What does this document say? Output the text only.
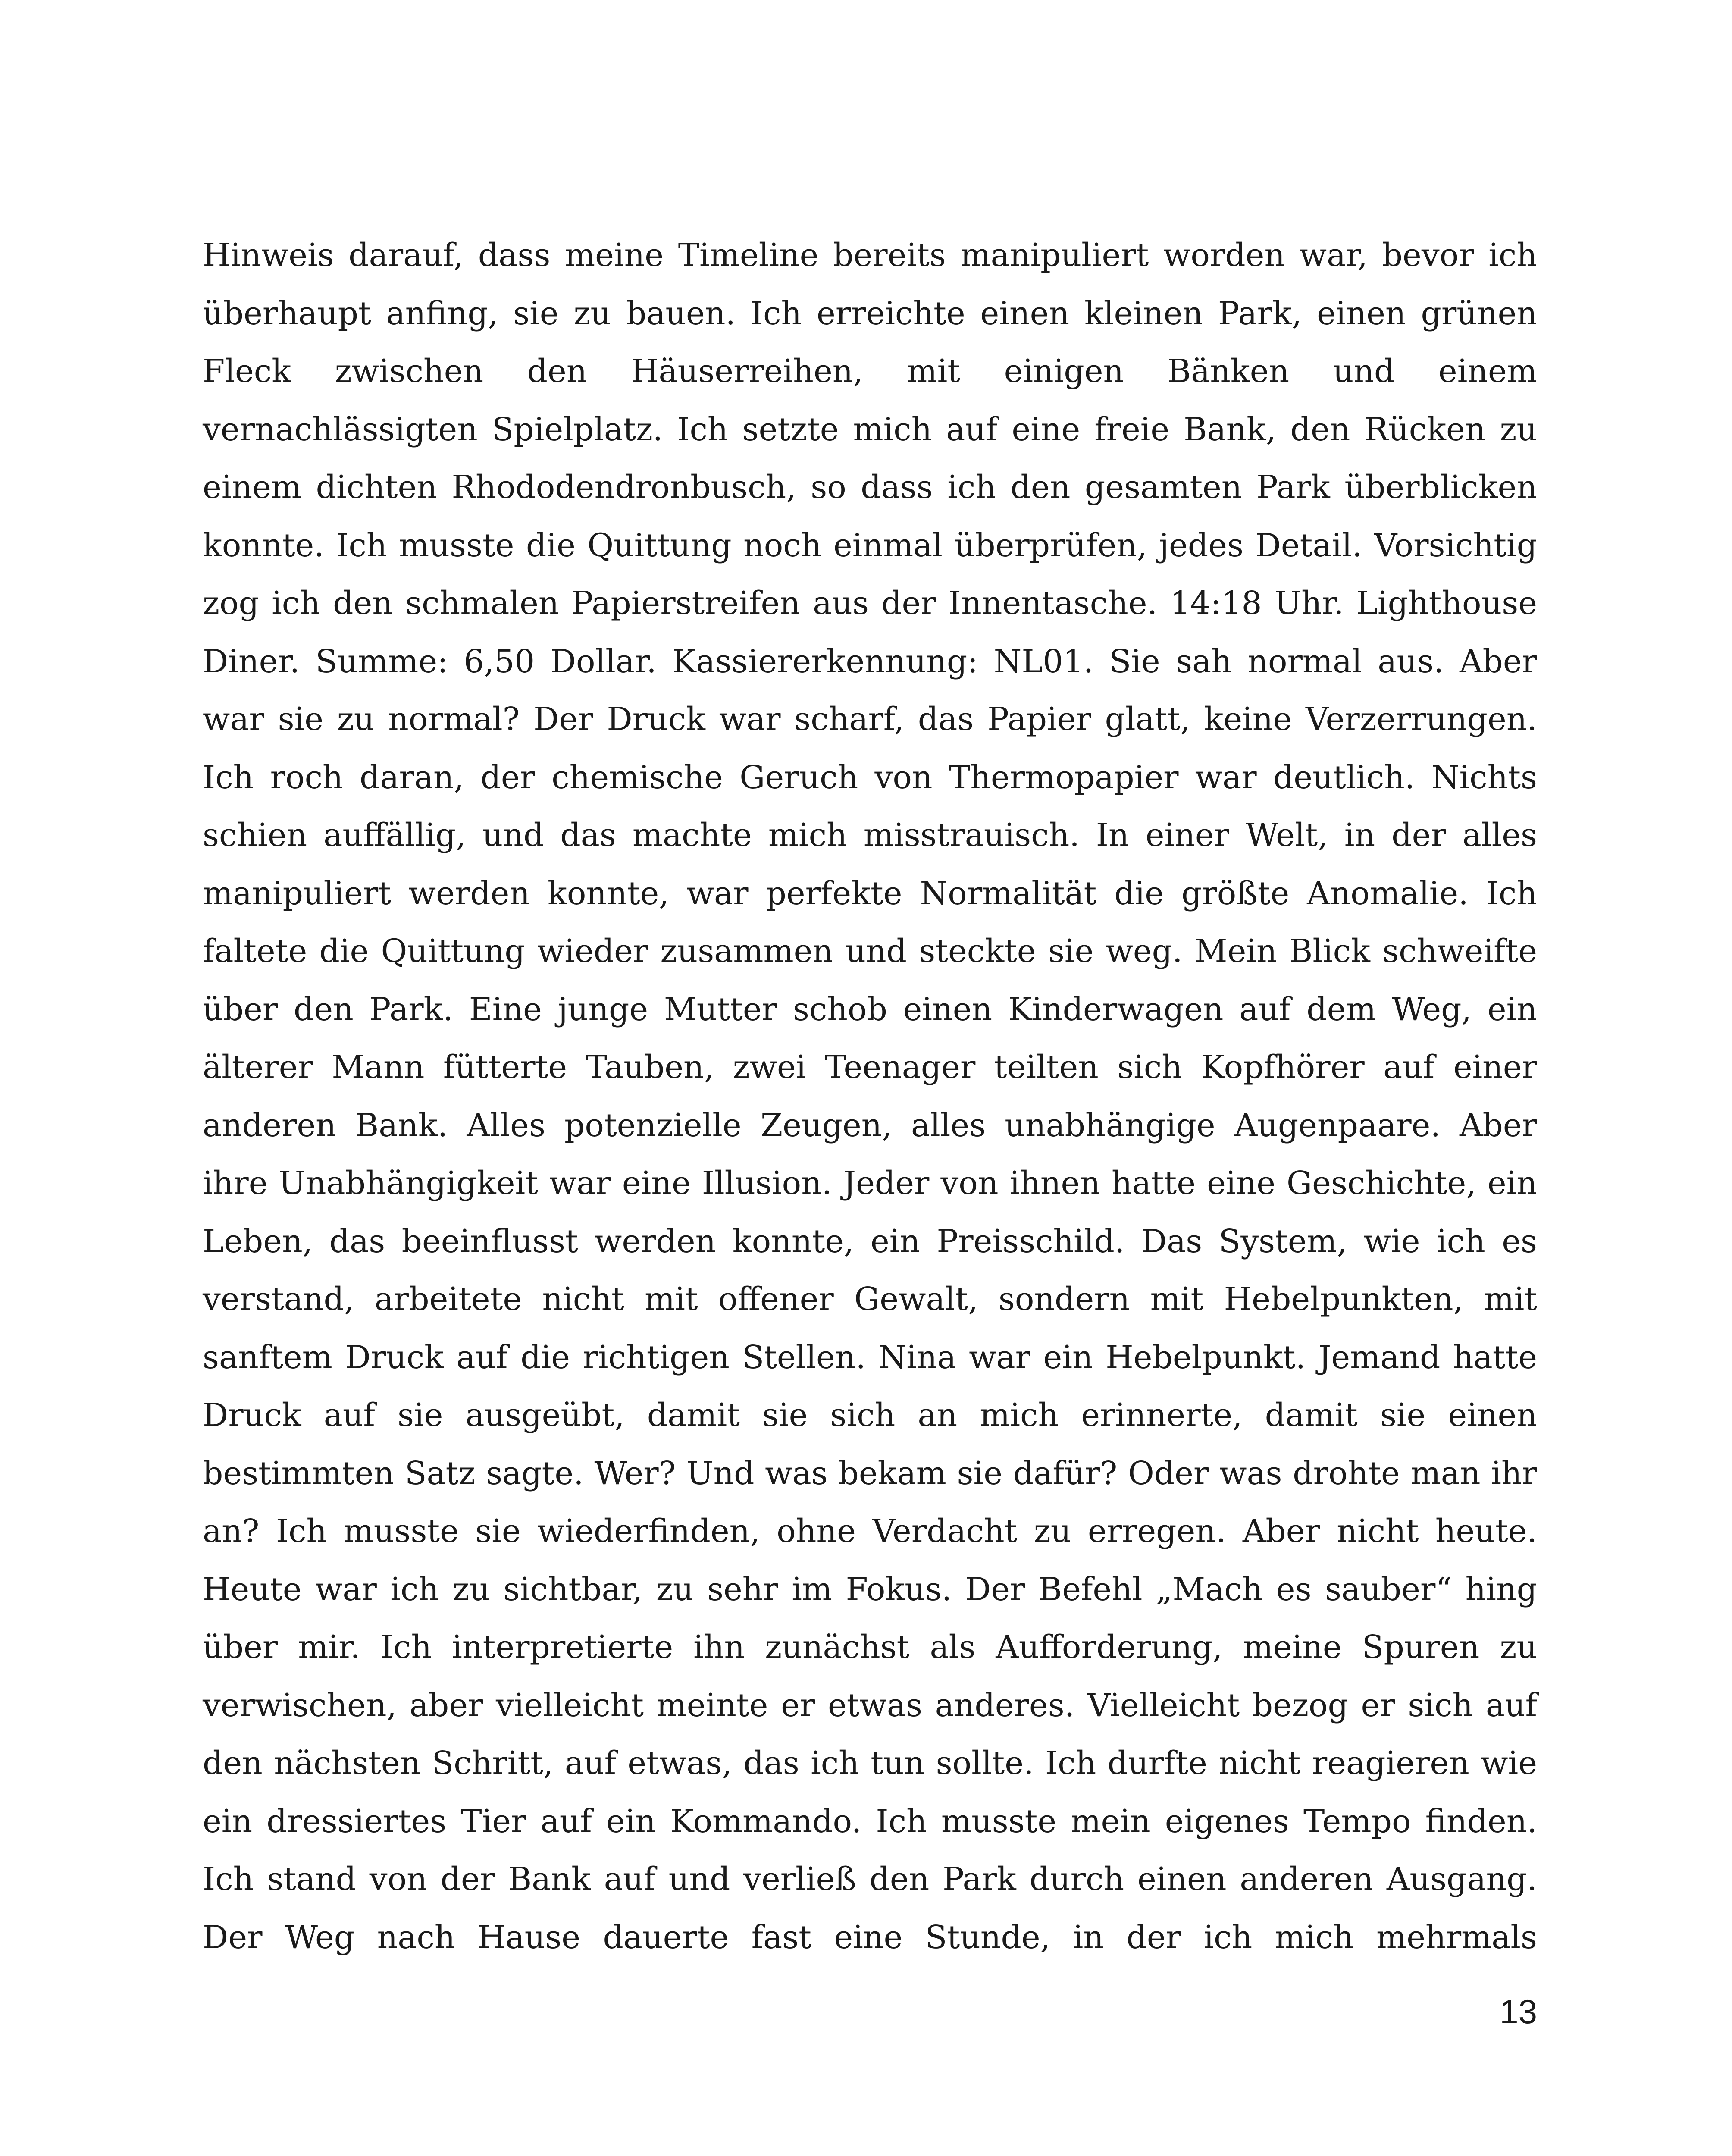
Hinweis darauf, dass meine Timeline bereits manipuliert worden war, bevor ich
überhaupt anfing, sie zu bauen. Ich erreichte einen kleinen Park, einen grünen
Fleck zwischen den Häuserreihen, mit einigen Bänken und einem
vernachlässigten Spielplatz. Ich setzte mich auf eine freie Bank, den Rücken zu
einem dichten Rhododendronbusch, so dass ich den gesamten Park überblicken
konnte. Ich musste die Quittung noch einmal überprüfen, jedes Detail. Vorsichtig
zog ich den schmalen Papierstreifen aus der Innentasche. 14:18 Uhr. Lighthouse
Diner. Summe: 6,50 Dollar. Kassiererkennung: NL01. Sie sah normal aus. Aber
war sie zu normal? Der Druck war scharf, das Papier glatt, keine Verzerrungen.
Ich roch daran, der chemische Geruch von Thermopapier war deutlich. Nichts
schien auffällig, und das machte mich misstrauisch. In einer Welt, in der alles
manipuliert werden konnte, war perfekte Normalität die größte Anomalie. Ich
faltete die Quittung wieder zusammen und steckte sie weg. Mein Blick schweifte
über den Park. Eine junge Mutter schob einen Kinderwagen auf dem Weg, ein
älterer Mann fütterte Tauben, zwei Teenager teilten sich Kopfhörer auf einer
anderen Bank. Alles potenzielle Zeugen, alles unabhängige Augenpaare. Aber
ihre Unabhängigkeit war eine Illusion. Jeder von ihnen hatte eine Geschichte, ein
Leben, das beeinflusst werden konnte, ein Preisschild. Das System, wie ich es
verstand, arbeitete nicht mit offener Gewalt, sondern mit Hebelpunkten, mit
sanftem Druck auf die richtigen Stellen. Nina war ein Hebelpunkt. Jemand hatte
Druck auf sie ausgeübt, damit sie sich an mich erinnerte, damit sie einen
bestimmten Satz sagte. Wer? Und was bekam sie dafür? Oder was drohte man ihr
an? Ich musste sie wiederfinden, ohne Verdacht zu erregen. Aber nicht heute.
Heute war ich zu sichtbar, zu sehr im Fokus. Der Befehl „Mach es sauber“ hing
über mir. Ich interpretierte ihn zunächst als Aufforderung, meine Spuren zu
verwischen, aber vielleicht meinte er etwas anderes. Vielleicht bezog er sich auf
den nächsten Schritt, auf etwas, das ich tun sollte. Ich durfte nicht reagieren wie
ein dressiertes Tier auf ein Kommando. Ich musste mein eigenes Tempo finden.
Ich stand von der Bank auf und verließ den Park durch einen anderen Ausgang.
Der Weg nach Hause dauerte fast eine Stunde, in der ich mich mehrmals
13
